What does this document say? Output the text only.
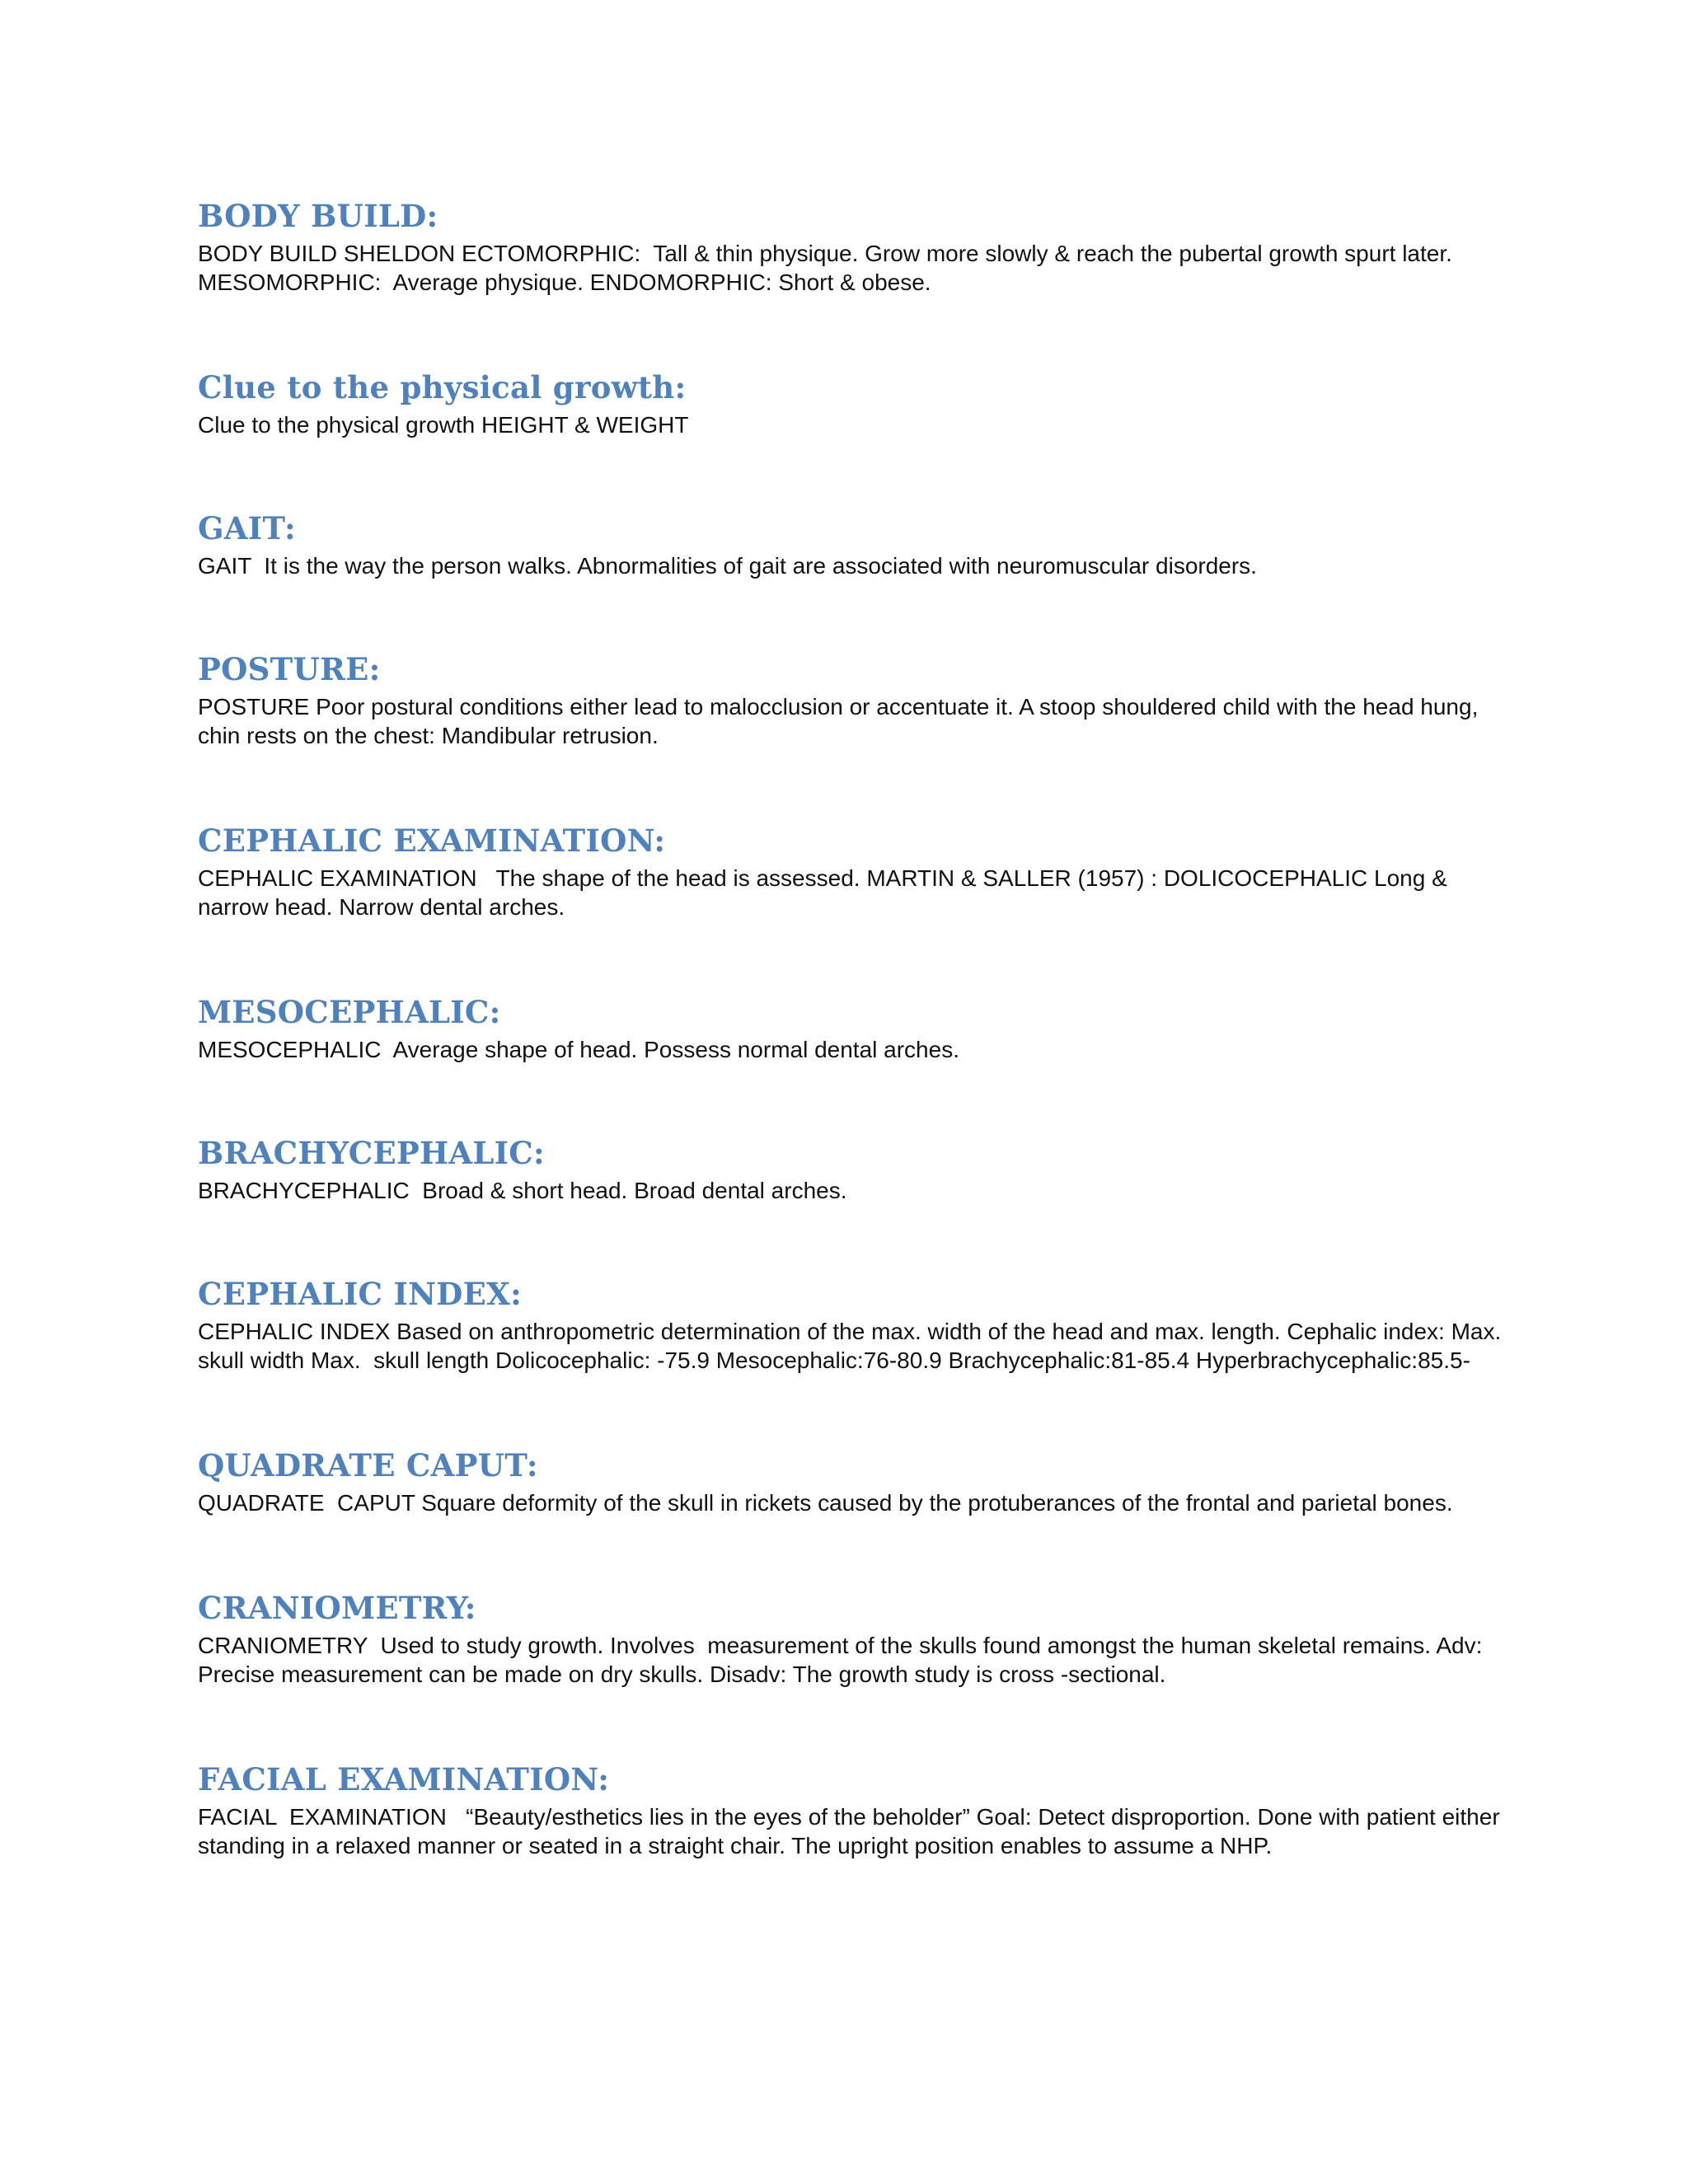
BODY BUILD:

BODY BUILD SHELDON ECTOMORPHIC:  Tall & thin physique. Grow more slowly & reach the pubertal growth spurt later. MESOMORPHIC:  Average physique. ENDOMORPHIC: Short & obese.

Clue to the physical growth:

Clue to the physical growth HEIGHT & WEIGHT

GAIT:

GAIT  It is the way the person walks. Abnormalities of gait are associated with neuromuscular disorders.

POSTURE:

POSTURE Poor postural conditions either lead to malocclusion or accentuate it. A stoop shouldered child with the head hung, chin rests on the chest: Mandibular retrusion.

CEPHALIC EXAMINATION:

CEPHALIC EXAMINATION   The shape of the head is assessed. MARTIN & SALLER (1957) : DOLICOCEPHALIC Long & narrow head. Narrow dental arches.

MESOCEPHALIC:

MESOCEPHALIC  Average shape of head. Possess normal dental arches.

BRACHYCEPHALIC:

BRACHYCEPHALIC  Broad & short head. Broad dental arches.

CEPHALIC INDEX:

CEPHALIC INDEX Based on anthropometric determination of the max. width of the head and max. length. Cephalic index: Max.  skull width Max.  skull length Dolicocephalic: -75.9 Mesocephalic:76-80.9 Brachycephalic:81-85.4 Hyperbrachycephalic:85.5-

QUADRATE CAPUT:

QUADRATE  CAPUT Square deformity of the skull in rickets caused by the protuberances of the frontal and parietal bones.

CRANIOMETRY:

CRANIOMETRY  Used to study growth. Involves  measurement of the skulls found amongst the human skeletal remains. Adv:  Precise measurement can be made on dry skulls. Disadv: The growth study is cross -sectional.

FACIAL EXAMINATION:

FACIAL  EXAMINATION   “Beauty/esthetics lies in the eyes of the beholder” Goal: Detect disproportion. Done with patient either standing in a relaxed manner or seated in a straight chair. The upright position enables to assume a NHP.
